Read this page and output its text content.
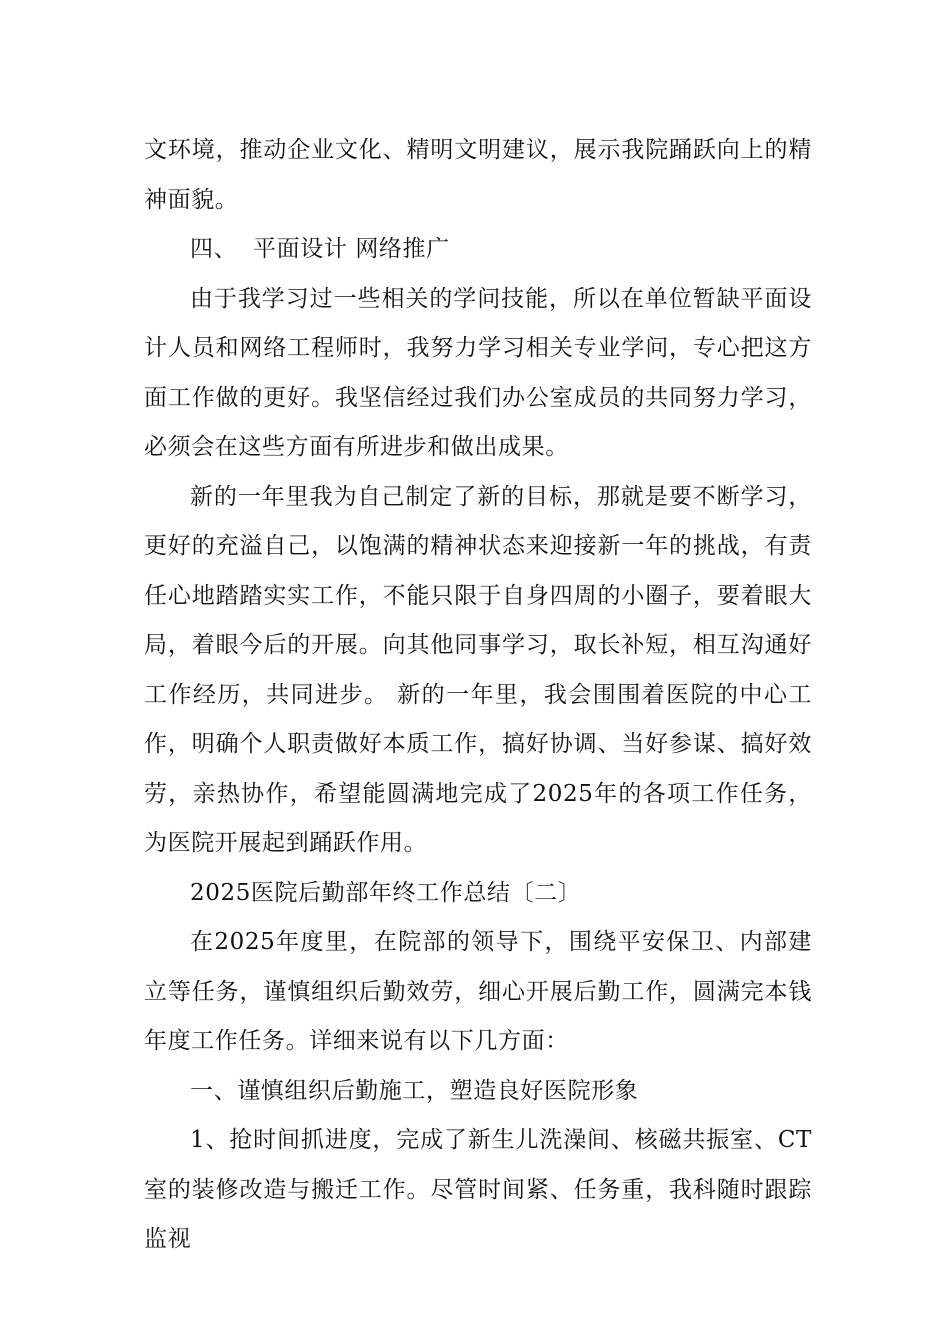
文环境，推动企业文化、精明文明建议，展示我院踊跃向上的精神面貌。

四、  平面设计 网络推广

由于我学习过一些相关的学问技能，所以在单位暂缺平面设计人员和网络工程师时，我努力学习相关专业学问，专心把这方面工作做的更好。我坚信经过我们办公室成员的共同努力学习，必须会在这些方面有所进步和做出成果。

新的一年里我为自己制定了新的目标，那就是要不断学习，更好的充溢自己，以饱满的精神状态来迎接新一年的挑战，有责任心地踏踏实实工作，不能只限于自身四周的小圈子，要着眼大局，着眼今后的开展。向其他同事学习，取长补短，相互沟通好工作经历，共同进步。 新的一年里，我会围围着医院的中心工作，明确个人职责做好本质工作，搞好协调、当好参谋、搞好效劳，亲热协作，希望能圆满地完成了2025年的各项工作任务，为医院开展起到踊跃作用。

2025医院后勤部年终工作总结〔二〕

在2025年度里，在院部的领导下，围绕平安保卫、内部建立等任务，谨慎组织后勤效劳，细心开展后勤工作，圆满完本钱年度工作任务。详细来说有以下几方面：

一、谨慎组织后勤施工，塑造良好医院形象

1、抢时间抓进度，完成了新生儿洗澡间、核磁共振室、CT室的装修改造与搬迁工作。尽管时间紧、任务重，我科随时跟踪监视
